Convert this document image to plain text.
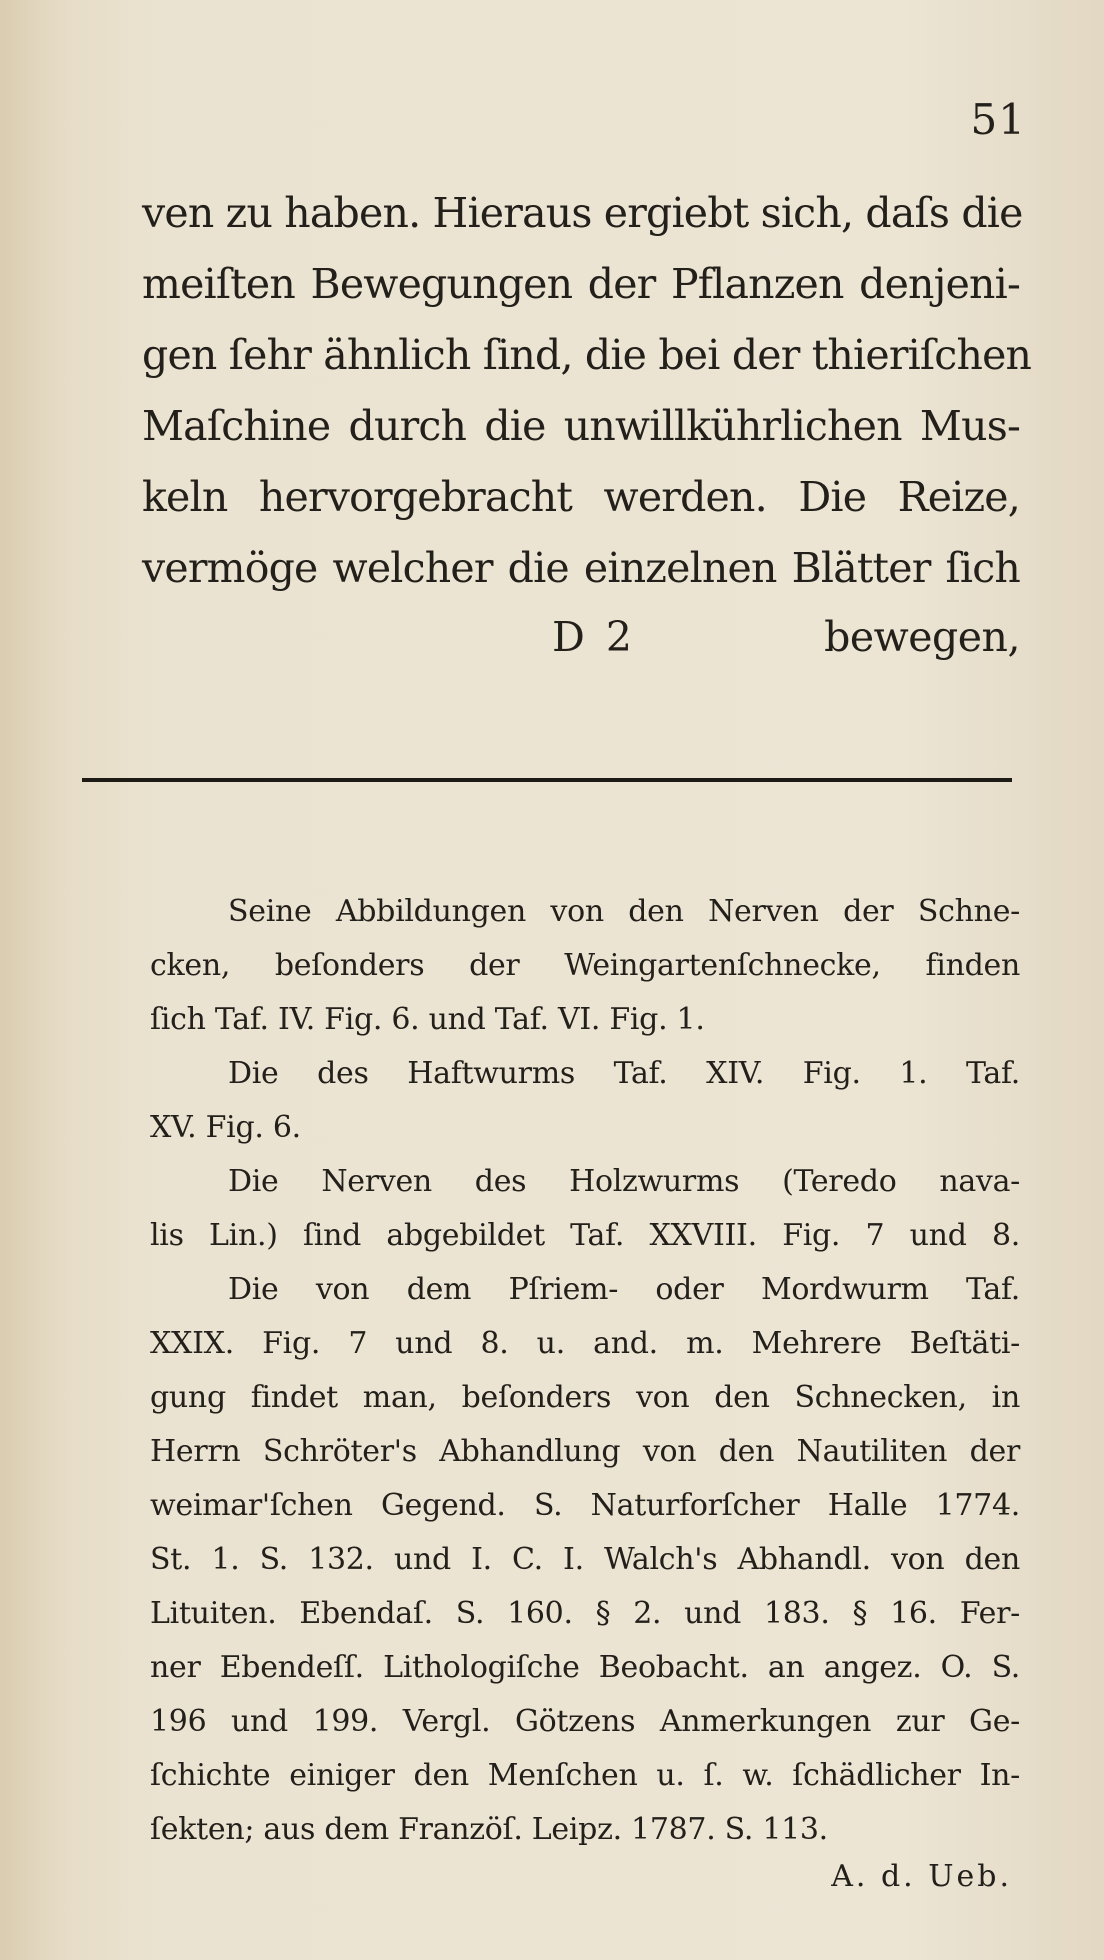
51
ven zu haben. Hieraus ergiebt sich, daſs die
meiſten Bewegungen der Pflanzen denjeni-
gen ſehr ähnlich ſind, die bei der thieriſchen
Maſchine durch die unwillkührlichen Mus-
keln hervorgebracht werden. Die Reize,
vermöge welcher die einzelnen Blätter ſich
D 2	bewegen,
Seine Abbildungen von den Nerven der Schne-
cken, beſonders der Weingartenſchnecke, finden
ſich Taf. IV. Fig. 6. und Taf. VI. Fig. 1.
Die des Haftwurms Taf. XIV. Fig. 1. Taf.
XV. Fig. 6.
Die Nerven des Holzwurms (Teredo nava-
lis Lin.) ſind abgebildet Taf. XXVIII. Fig. 7 und 8.
Die von dem Pſriem- oder Mordwurm Taf.
XXIX. Fig. 7 und 8. u. and. m. Mehrere Beſtäti-
gung findet man, beſonders von den Schnecken, in
Herrn Schröter's Abhandlung von den Nautiliten der
weimar'ſchen Gegend. S. Naturforſcher Halle 1774.
St. 1. S. 132. und I. C. I. Walch's Abhandl. von den
Lituiten. Ebendaſ. S. 160. § 2. und 183. § 16. Fer-
ner Ebendeſſ. Lithologiſche Beobacht. an angez. O. S.
196 und 199. Vergl. Götzens Anmerkungen zur Ge-
ſchichte einiger den Menſchen u. ſ. w. ſchädlicher In-
ſekten; aus dem Franzöſ. Leipz. 1787. S. 113.
A. d. Ueb.
